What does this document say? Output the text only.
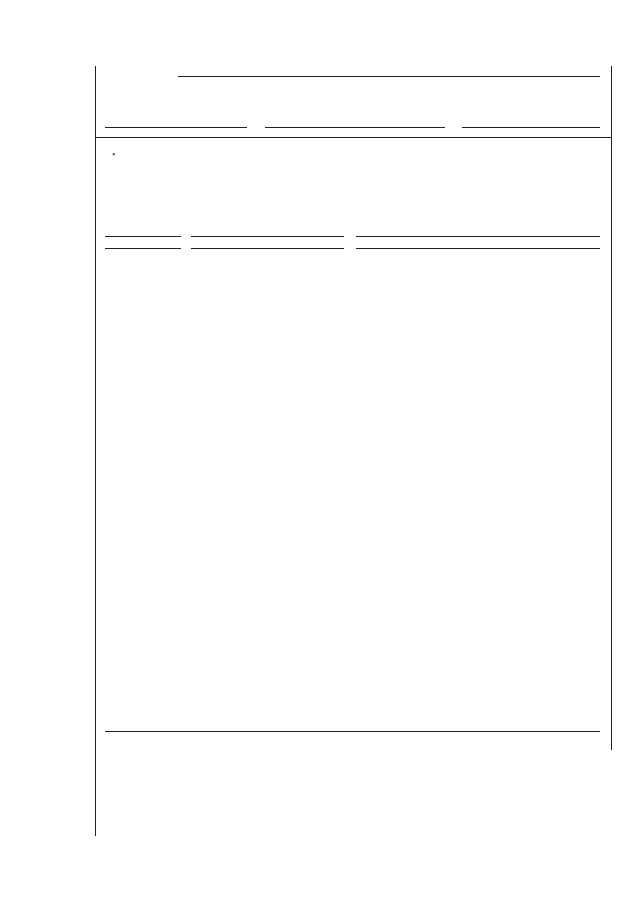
•
